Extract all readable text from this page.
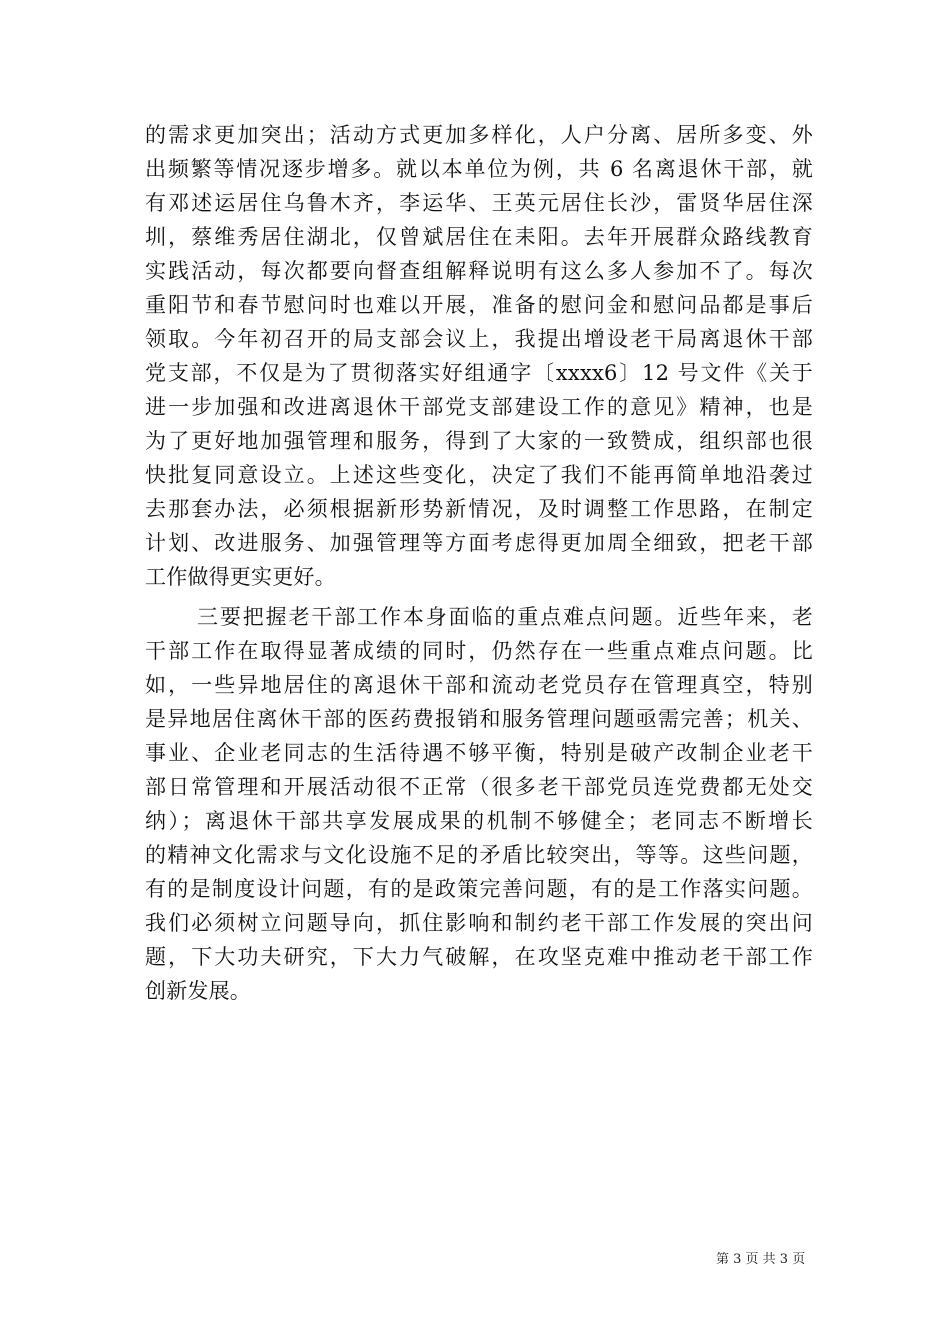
的需求更加突出；活动方式更加多样化，人户分离、居所多变、外
出频繁等情况逐步增多。就以本单位为例，共 6 名离退休干部，就
有邓述运居住乌鲁木齐，李运华、王英元居住长沙，雷贤华居住深
圳，蔡维秀居住湖北，仅曾斌居住在耒阳。去年开展群众路线教育
实践活动，每次都要向督查组解释说明有这么多人参加不了。每次
重阳节和春节慰问时也难以开展，准备的慰问金和慰问品都是事后
领取。今年初召开的局支部会议上，我提出增设老干局离退休干部
党支部，不仅是为了贯彻落实好组通字〔xxxx6〕12 号文件《关于
进一步加强和改进离退休干部党支部建设工作的意见》精神，也是
为了更好地加强管理和服务，得到了大家的一致赞成，组织部也很
快批复同意设立。上述这些变化，决定了我们不能再简单地沿袭过
去那套办法，必须根据新形势新情况，及时调整工作思路，在制定
计划、改进服务、加强管理等方面考虑得更加周全细致，把老干部
工作做得更实更好。
三要把握老干部工作本身面临的重点难点问题。近些年来，老
干部工作在取得显著成绩的同时，仍然存在一些重点难点问题。比
如，一些异地居住的离退休干部和流动老党员存在管理真空，特别
是异地居住离休干部的医药费报销和服务管理问题亟需完善；机关、
事业、企业老同志的生活待遇不够平衡，特别是破产改制企业老干
部日常管理和开展活动很不正常（很多老干部党员连党费都无处交
纳）；离退休干部共享发展成果的机制不够健全；老同志不断增长
的精神文化需求与文化设施不足的矛盾比较突出，等等。这些问题，
有的是制度设计问题，有的是政策完善问题，有的是工作落实问题。
我们必须树立问题导向，抓住影响和制约老干部工作发展的突出问
题，下大功夫研究，下大力气破解，在攻坚克难中推动老干部工作
创新发展。
第 3 页 共 3 页
